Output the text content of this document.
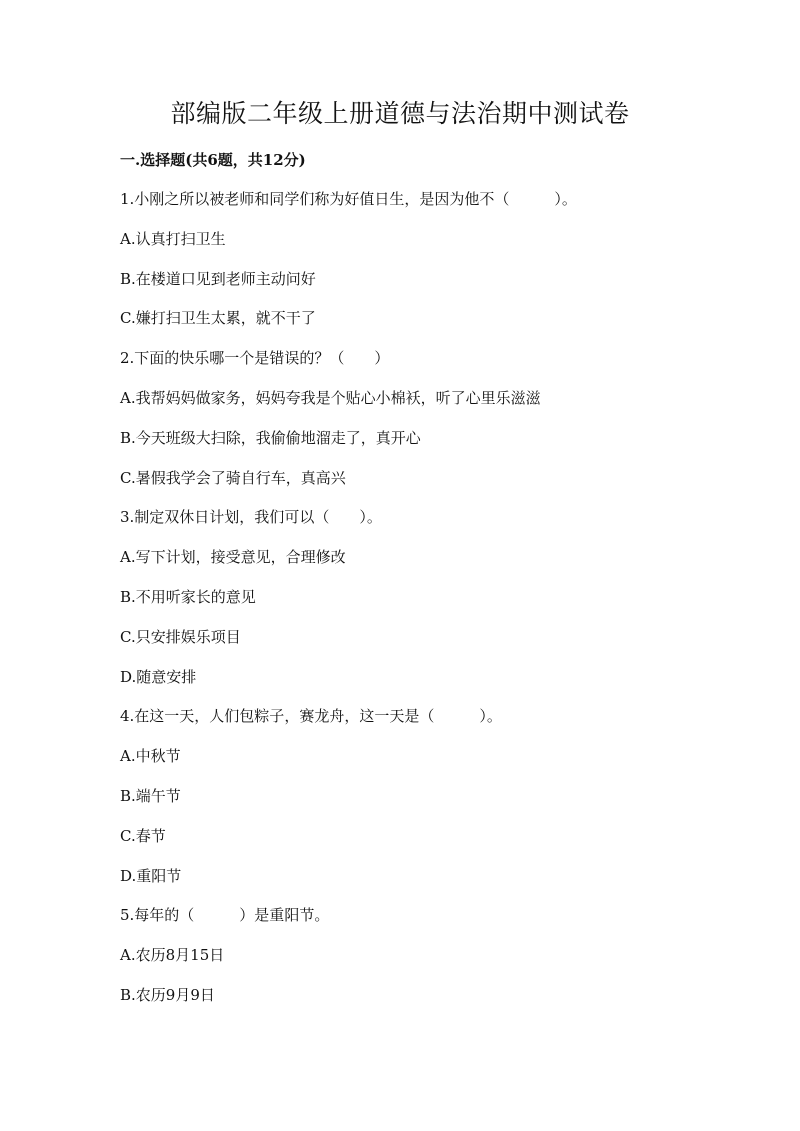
部编版二年级上册道德与法治期中测试卷
一.选择题(共6题，共12分)
1.小刚之所以被老师和同学们称为好值日生，是因为他不（　　　）。
A.认真打扫卫生
B.在楼道口见到老师主动问好
C.嫌打扫卫生太累，就不干了
2.下面的快乐哪一个是错误的？（　　）
A.我帮妈妈做家务，妈妈夸我是个贴心小棉袄，听了心里乐滋滋
B.今天班级大扫除，我偷偷地溜走了，真开心
C.暑假我学会了骑自行车，真高兴
3.制定双休日计划，我们可以（　　）。
A.写下计划，接受意见，合理修改
B.不用听家长的意见
C.只安排娱乐项目
D.随意安排
4.在这一天，人们包粽子，赛龙舟，这一天是（　　　）。
A.中秋节
B.端午节
C.春节
D.重阳节
5.每年的（　　　）是重阳节。
A.农历8月15日
B.农历9月9日
